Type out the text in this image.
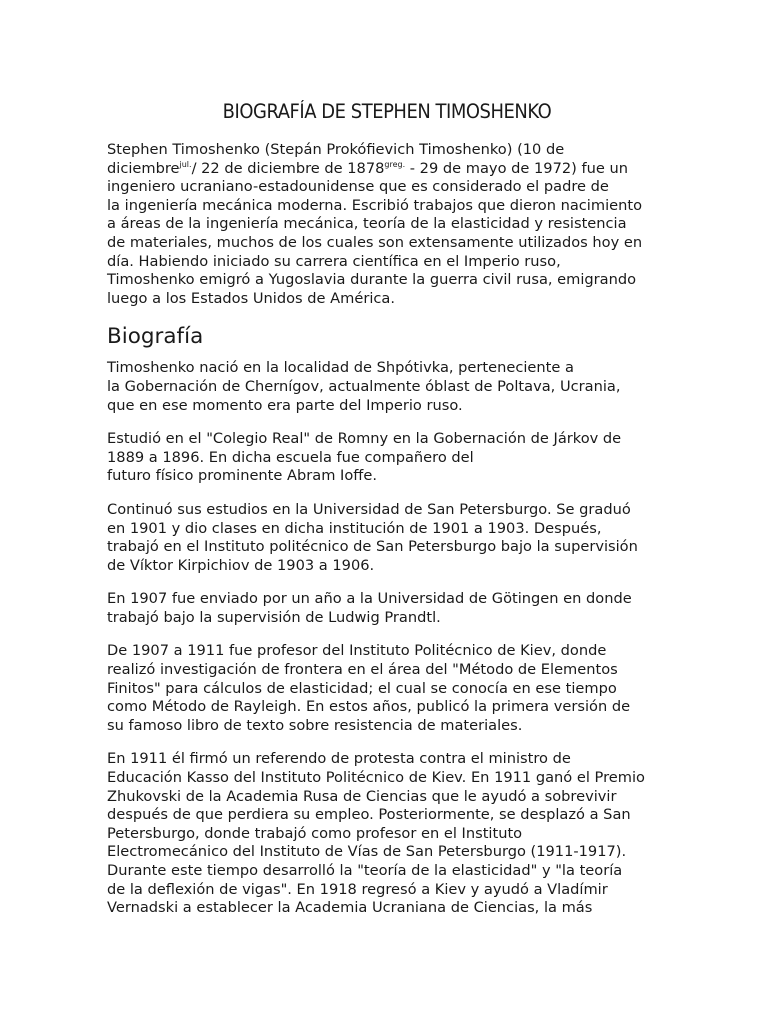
BIOGRAFÍA DE STEPHEN TIMOSHENKO

Stephen Timoshenko (Stepán Prokófievich Timoshenko) (10 de
diciembre$^{jul.}$/ 22 de diciembre de $1878^{greg.} - 29$ de mayo de 1972) fue un
ingeniero ucraniano-estadounidense que es considerado el padre de
la ingeniería mecánica moderna. Escribió trabajos que dieron nacimiento
a áreas de la ingeniería mecánica, teoría de la elasticidad y resistencia
de materiales, muchos de los cuales son extensamente utilizados hoy en
día. Habiendo iniciado su carrera científica en el Imperio ruso,
Timoshenko emigró a Yugoslavia durante la guerra civil rusa, emigrando
luego a los Estados Unidos de América.

Biografía

Timoshenko nació en la localidad de Shpótivka, perteneciente a
la Gobernación de Chernígov, actualmente óblast de Poltava, Ucrania,
que en ese momento era parte del Imperio ruso.

Estudió en el "Colegio Real" de Romny en la Gobernación de Járkov de
1889 a 1896. En dicha escuela fue compañero del
futuro físico prominente Abram Ioffe.

Continuó sus estudios en la Universidad de San Petersburgo. Se graduó
en 1901 y dio clases en dicha institución de 1901 a 1903. Después,
trabajó en el Instituto politécnico de San Petersburgo bajo la supervisión
de Víktor Kirpichiov de 1903 a 1906.

En 1907 fue enviado por un año a la Universidad de Götingen en donde
trabajó bajo la supervisión de Ludwig Prandtl.

De 1907 a 1911 fue profesor del Instituto Politécnico de Kiev, donde
realizó investigación de frontera en el área del "Método de Elementos
Finitos" para cálculos de elasticidad; el cual se conocía en ese tiempo
como Método de Rayleigh. En estos años, publicó la primera versión de
su famoso libro de texto sobre resistencia de materiales.

En 1911 él firmó un referendo de protesta contra el ministro de
Educación Kasso del Instituto Politécnico de Kiev. En 1911 ganó el Premio
Zhukovski de la Academia Rusa de Ciencias que le ayudó a sobrevivir
después de que perdiera su empleo. Posteriormente, se desplazó a San
Petersburgo, donde trabajó como profesor en el Instituto
Electromecánico del Instituto de Vías de San Petersburgo (1911-1917).
Durante este tiempo desarrolló la "teoría de la elasticidad" y "la teoría
de la deflexión de vigas". En 1918 regresó a Kiev y ayudó a Vladímir
Vernadski a establecer la Academia Ucraniana de Ciencias, la más
